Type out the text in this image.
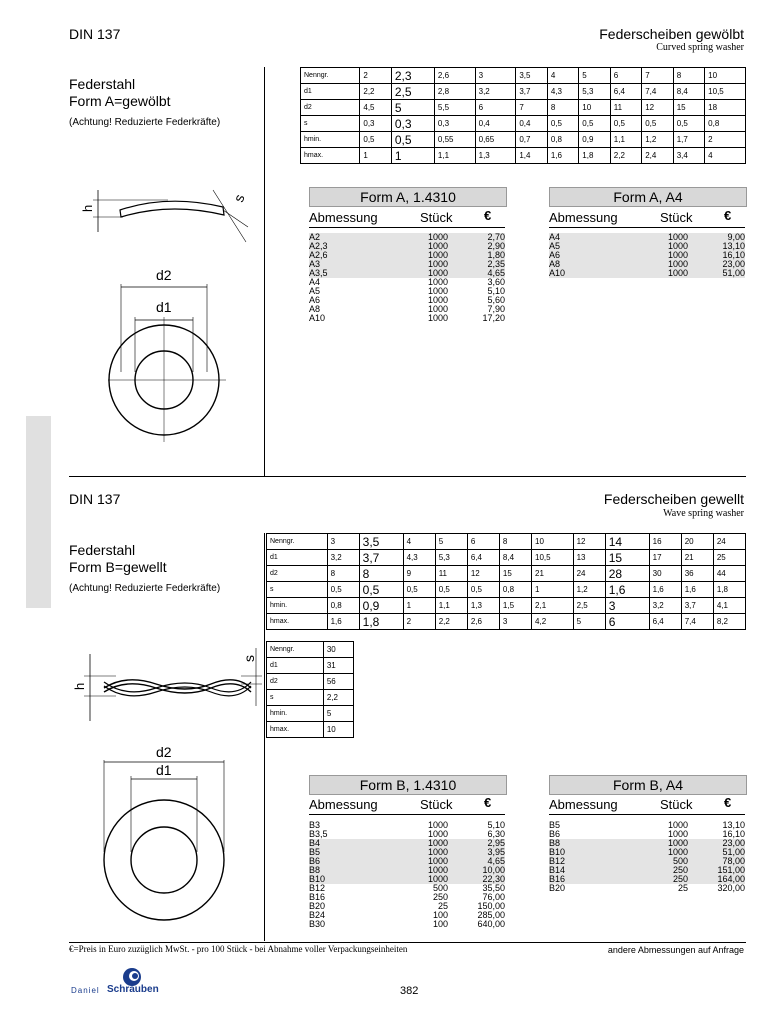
DIN 137	Federscheiben gewölbt
Curved spring washer
Federstahl
Form A=gewölbt
(Achtung! Reduzierte Federkräfte)
h
s
d2
d1
Nenngr.	2	2,3	2,6	3	3,5	4	5	6	7	8	10
d1	2,2	2,5	2,8	3,2	3,7	4,3	5,3	6,4	7,4	8,4	10,5
d2	4,5	5	5,5	6	7	8	10	11	12	15	18
s	0,3	0,3	0,3	0,4	0,4	0,5	0,5	0,5	0,5	0,5	0,8
hmin.	0,5	0,5	0,55	0,65	0,7	0,8	0,9	1,1	1,2	1,7	2
hmax.	1	1	1,1	1,3	1,4	1,6	1,8	2,2	2,4	3,4	4
Form A, 1.4310
Abmessung	Stück €
A2	1000	2,70
A2,3	1000	2,90
A2,6	1000	1,80
A3	1000	2,35
A3,5	1000	4,65
A4	1000	3,60
A5	1000	5,10
A6	1000	5,60
A8	1000	7,90
A10	1000	17,20
Form A, A4
Abmessung	Stück €
A4	1000	9,00
A5	1000	13,10
A6	1000	16,10
A8	1000	23,00
A10	1000	51,00
DIN 137	Federscheiben gewellt
Wave spring washer
Federstahl
Form B=gewellt
(Achtung! Reduzierte Federkräfte)
h
s
d2
d1
Nenngr.	3	3,5	4	5	6	8	10	12	14	16	20	24
d1	3,2	3,7	4,3	5,3	6,4	8,4	10,5	13	15	17	21	25
d2	8	8	9	11	12	15	21	24	28	30	36	44
s	0,5	0,5	0,5	0,5	0,5	0,8	1	1,2	1,6	1,6	1,6	1,8
hmin.	0,8	0,9	1	1,1	1,3	1,5	2,1	2,5	3	3,2	3,7	4,1
hmax.	1,6	1,8	2	2,2	2,6	3	4,2	5	6	6,4	7,4	8,2
Nenngr.	30
d1	31
d2	56
s	2,2
hmin.	5
hmax.	10
Form B, 1.4310
Abmessung	Stück €
B3	1000	5,10
B3,5	1000	6,30
B4	1000	2,95
B5	1000	3,95
B6	1000	4,65
B8	1000	10,00
B10	1000	22,30
B12	500	35,50
B16	250	76,00
B20	25	150,00
B24	100	285,00
B30	100	640,00
Form B, A4
Abmessung	Stück €
B5	1000	13,10
B6	1000	16,10
B8	1000	23,00
B10	1000	51,00
B12	500	78,00
B14	250	151,00
B16	250	164,00
B20	25	320,00
€=Preis in Euro zuzüglich MwSt. - pro 100 Stück - bei Abnahme voller Verpackungseinheiten	andere Abmessungen auf Anfrage
Daniel Schrauben	382
